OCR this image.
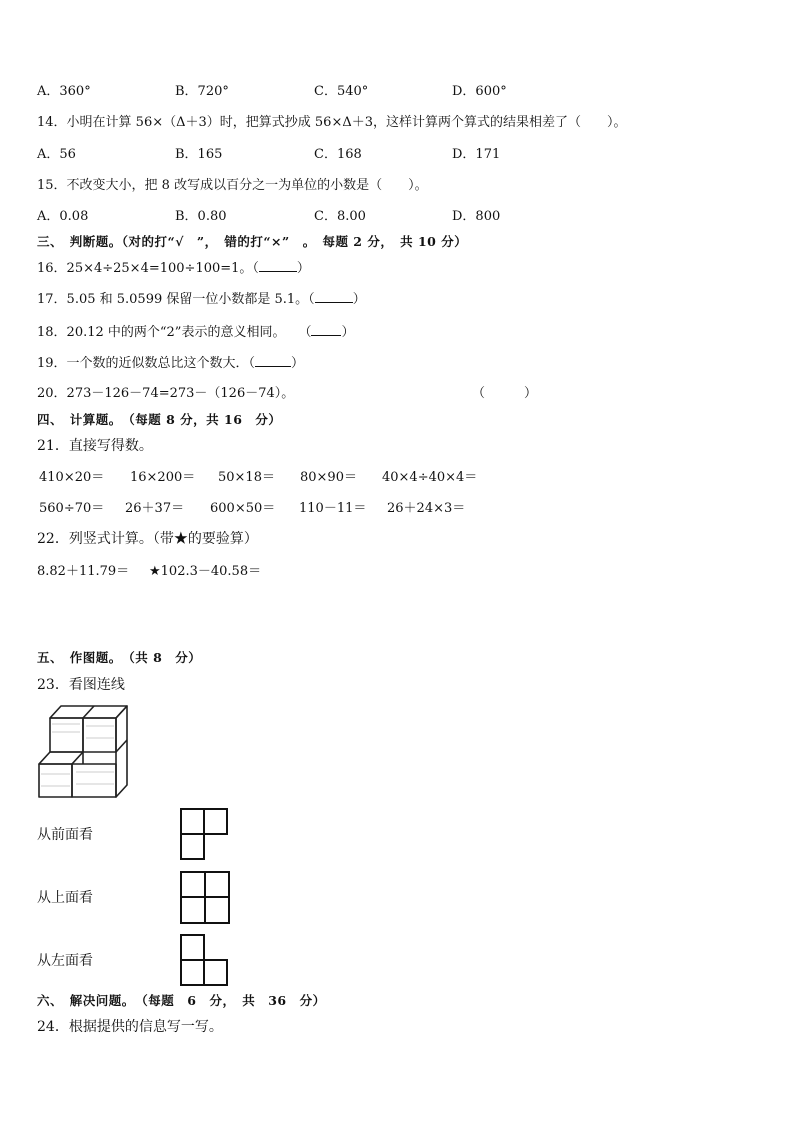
A．360°	B．720°	C．540°	D．600°
14．小明在计算 56×（Δ＋3）时，把算式抄成 56×Δ＋3，这样计算两个算式的结果相差了（　　）。
A．56	B．165	C．168	D．171
15．不改变大小，把 8 改写成以百分之一为单位的小数是（　　）。
A．0.08	B．0.80	C．8.00	D．800
三、　判断题。（对的打“√　”，　错的打“×”　。　每题 2 分，　共 10 分）
16．25×4÷25×4=100÷100=1。（	）
17．5.05 和 5.0599 保留一位小数都是 5.1。（	）
18．20.12 中的两个“2”表示的意义相同。　　（ ）
19．一个数的近似数总比这个数大．（	）
20．273－126－74=273－（126－74）。	（　　　）
四、　计算题。　（每题 8 分，共 16　分）
21．直接写得数。
410×20＝ 16×200＝ 50×18＝ 80×90＝ 40×4÷40×4＝
560÷70＝ 26＋37＝ 600×50＝ 110－11＝ 26＋24×3＝
22．列竖式计算。（带★的要验算）
8.82＋11.79＝ ★102.3－40.58＝
五、　作图题。　（共 8　分）
23．看图连线
从前面看
从上面看
从左面看
六、　解决问题。　（每题　6　分，　共　36　分）
24．根据提供的信息写一写。
